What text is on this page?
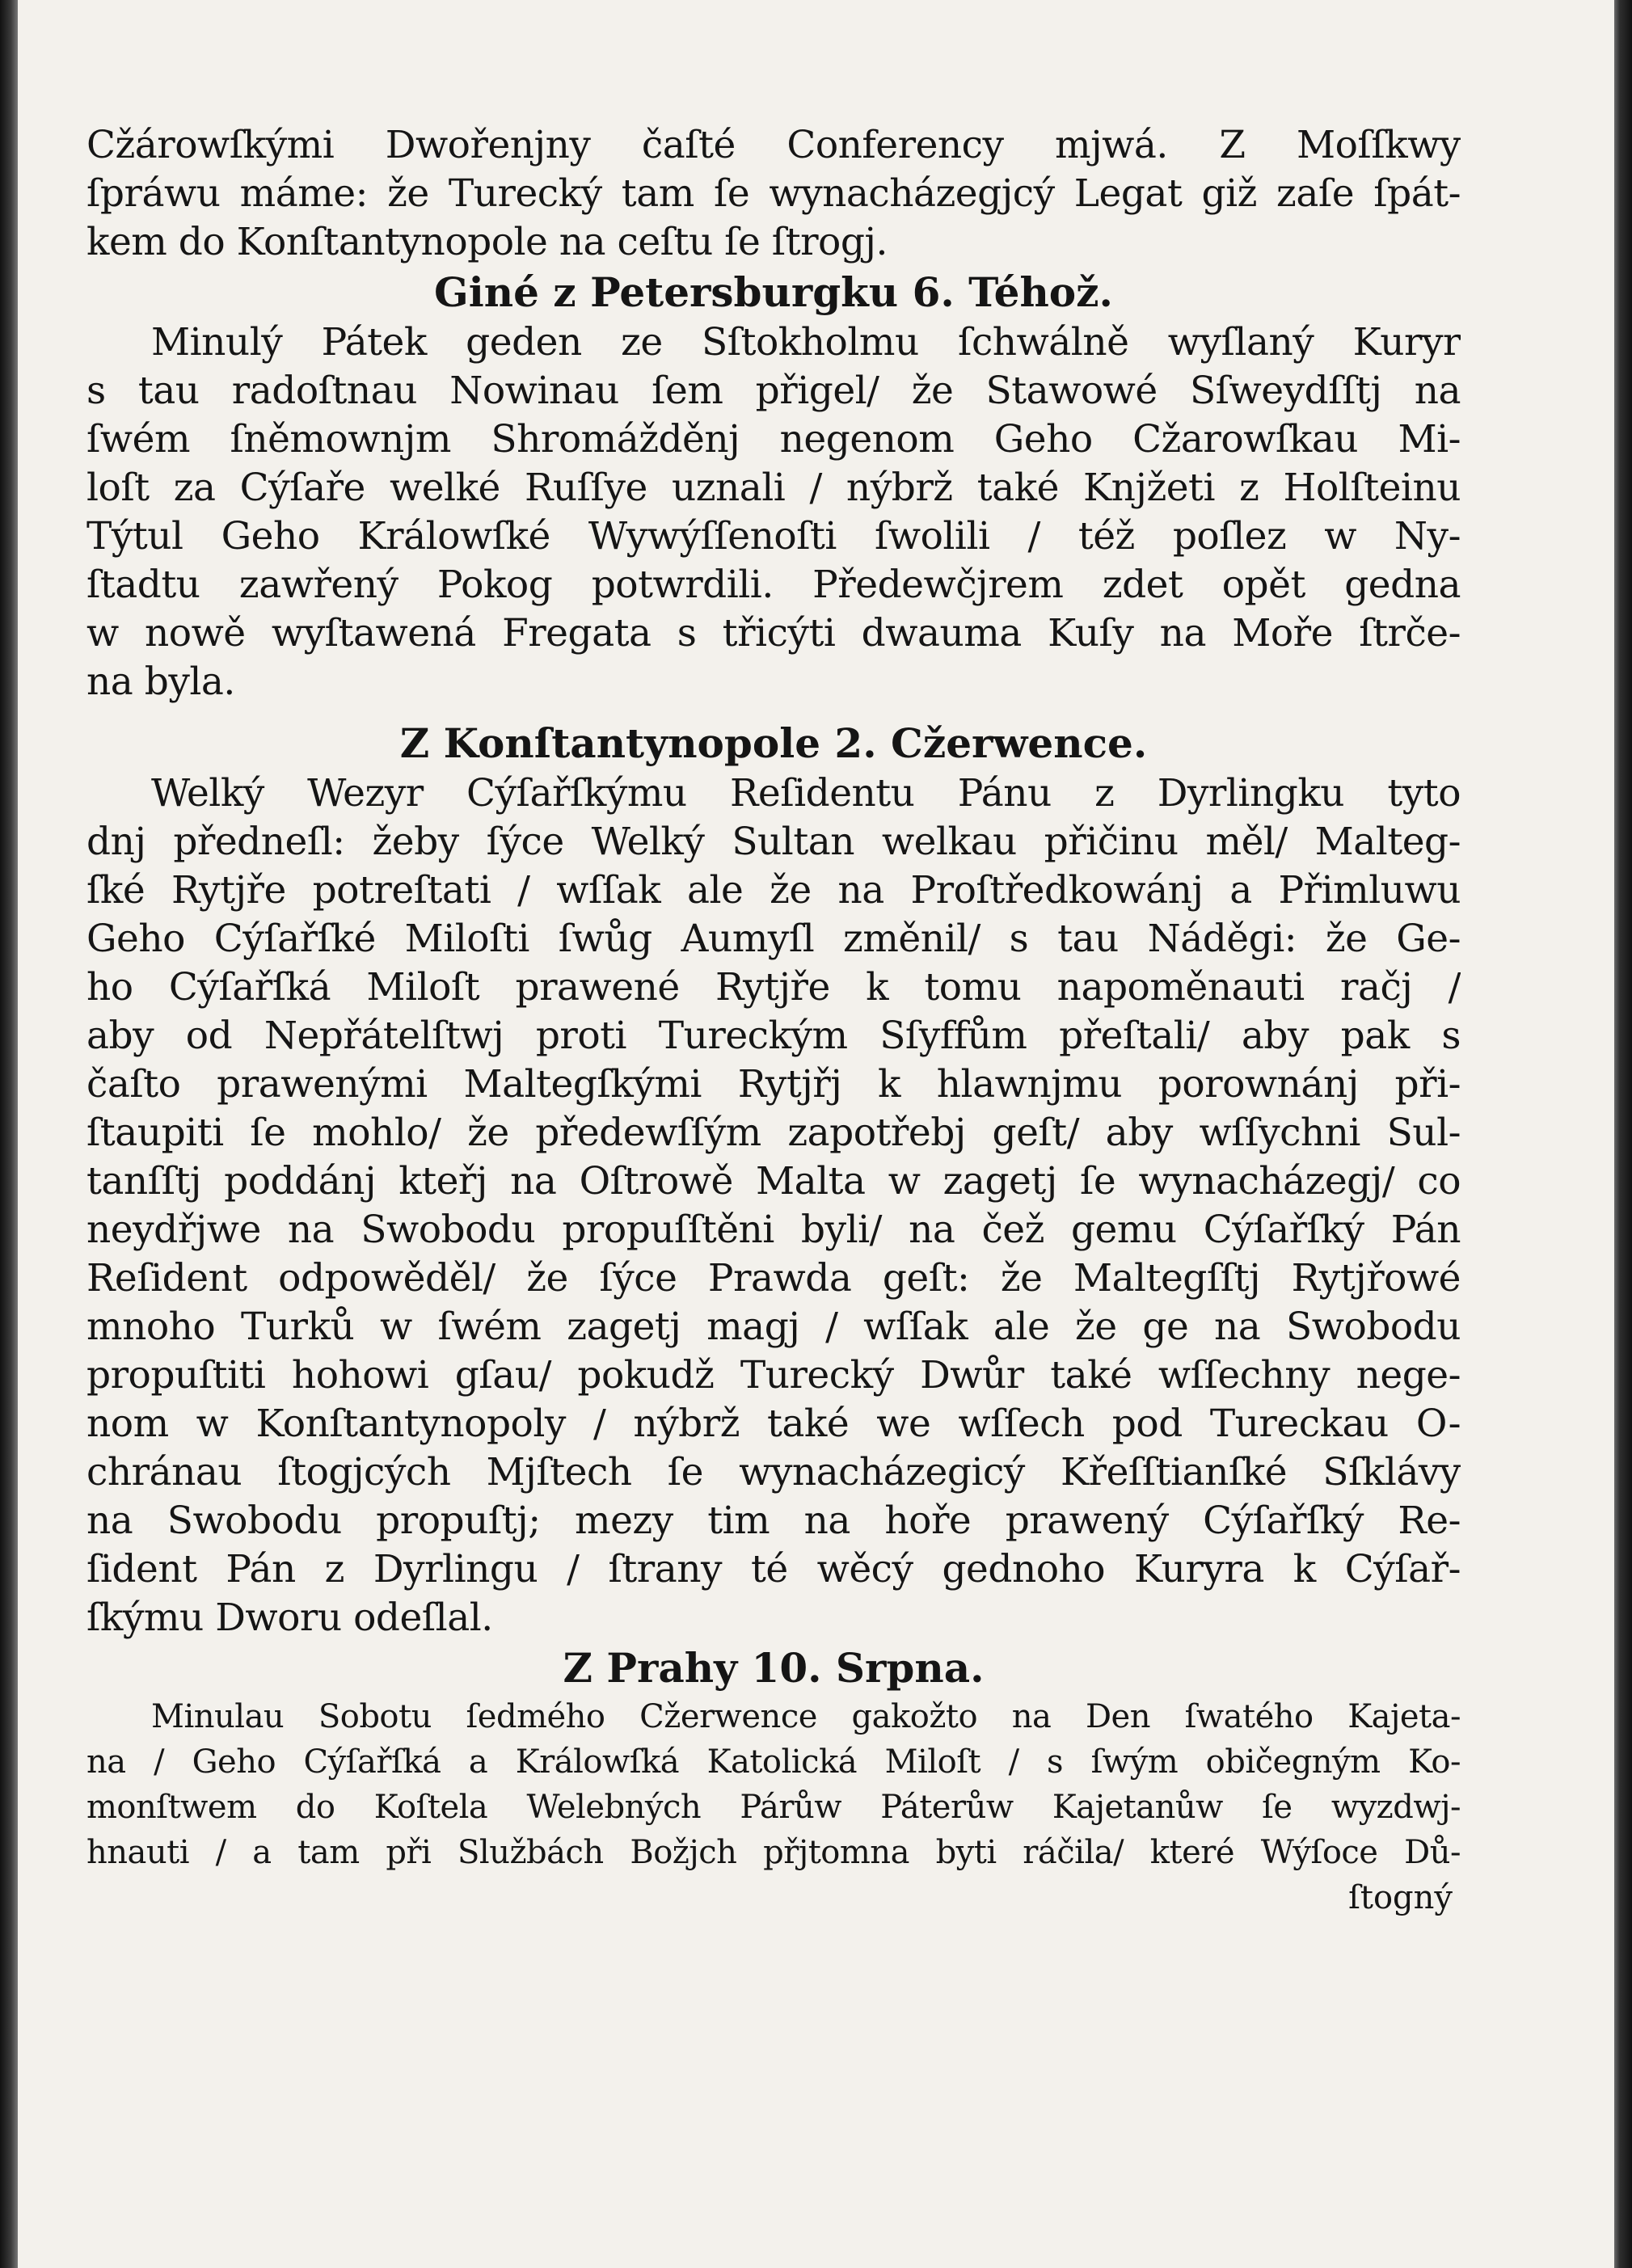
Cžárowſkými Dwořenjny čaſté Conferency mjwá. Z Moſſkwy
ſpráwu máme: že Turecký tam ſe wynacházegjcý Legat giž zaſe ſpát-
kem do Konſtantynopole na ceſtu ſe ſtrogj.
Giné z Petersburgku 6. Téhož.
Minulý Pátek geden ze Sſtokholmu ſchwálně wyſlaný Kuryr
s tau radoſtnau Nowinau ſem přigel/ že Stawowé Sſweydſſtj na
ſwém ſněmownjm Shromážděnj negenom Geho Cžarowſkau Mi-
loſt za Cýſaře welké Ruſſye uznali / nýbrž také Knjžeti z Holſteinu
Týtul Geho Králowſké Wywýſſenoſti ſwolili / též poſlez w Ny-
ſtadtu zawřený Pokog potwrdili. Předewčjrem zdet opět gedna
w nowě wyſtawená Fregata s třicýti dwauma Kuſy na Moře ſtrče-
na byla.
Z Konſtantynopole 2. Cžerwence.
Welký Wezyr Cýſařſkýmu Reſidentu Pánu z Dyrlingku tyto
dnj předneſl: žeby ſýce Welký Sultan welkau přičinu měl/ Malteg-
ſké Rytjře potreſtati / wſſak ale že na Proſtředkowánj a Přimluwu
Geho Cýſařſké Miloſti ſwůg Aumyſl změnil/ s tau Náděgi: že Ge-
ho Cýſařſká Miloſt prawené Rytjře k tomu napoměnauti račj /
aby od Nepřátelſtwj proti Tureckým Sſyffům přeſtali/ aby pak s
čaſto prawenými Maltegſkými Rytjřj k hlawnjmu porownánj při-
ſtaupiti ſe mohlo/ že předewſſým zapotřebj geſt/ aby wſſychni Sul-
tanſſtj poddánj kteřj na Oſtrowě Malta w zagetj ſe wynacházegj/ co
neydřjwe na Swobodu propuſſtěni byli/ na čež gemu Cýſařſký Pán
Reſident odpowěděl/ že ſýce Prawda geſt: že Maltegſſtj Rytjřowé
mnoho Turků w ſwém zagetj magj / wſſak ale že ge na Swobodu
propuſtiti hohowi gſau/ pokudž Turecký Dwůr také wſſechny nege-
nom w Konſtantynopoly / nýbrž také we wſſech pod Tureckau O-
chránau ſtogjcých Mjſtech ſe wynacházegicý Křeſſtianſké Sſklávy
na Swobodu propuſtj; mezy tim na hoře prawený Cýſařſký Re-
ſident Pán z Dyrlingu / ſtrany té wěcý gednoho Kuryra k Cýſař-
ſkýmu Dworu odeſlal.
Z Prahy 10. Srpna.
Minulau Sobotu ſedmého Cžerwence gakožto na Den ſwatého Kajeta-
na / Geho Cýſařſká a Králowſká Katolická Miloſt / s ſwým običegným Ko-
monſtwem do Koſtela Welebných Párůw Páterůw Kajetanůw ſe wyzdwj-
hnauti / a tam při Službách Božjch přjtomna byti ráčila/ které Wýſoce Dů-
ſtogný
